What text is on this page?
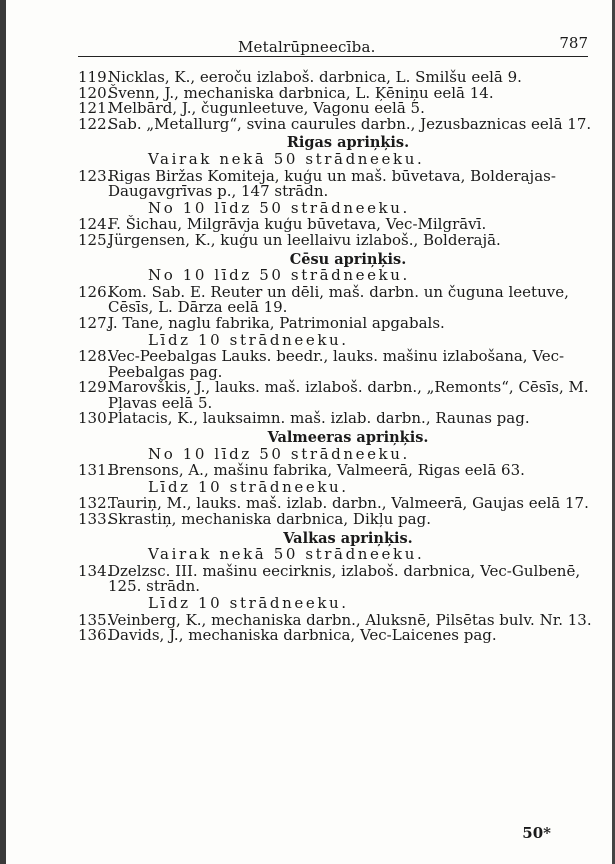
Metalrūpneecība.	787
119.
Nicklas, K., eeroču izlaboš. darbnica, L. Smilšu eelā 9.
120.
Švenn, J., mechaniska darbnica, L. Ķēniņu eelā 14.
121.
Melbārd, J., čugunleetuve, Vagonu eelā 5.
122.
Sab. „Metallurg“, svina caurules darbn., Jezusbaznicas eelā 17.
Rigas apriņķis.
Vairak nekā 50 strādneeku.
123.
Rigas Biržas Komiteja, kuģu un maš. būvetava, Bolderajas-Daugavgrīvas p., 147 strādn.
No 10 līdz 50 strādneeku.
124.
F. Šichau, Milgrāvja kuģu būvetava, Vec-Milgrāvī.
125.
Jürgensen, K., kuģu un leellaivu izlaboš., Bolderajā.
Cēsu apriņķis.
No 10 līdz 50 strādneeku.
126.
Kom. Sab. E. Reuter un dēli, maš. darbn. un čuguna leetuve, Cēsīs, L. Dārza eelā 19.
127.
J. Tane, naglu fabrika, Patrimonial apgabals.
Līdz 10 strādneeku.
128.
Vec-Peebalgas Lauks. beedr., lauks. mašinu izlabošana, Vec-Peebalgas pag.
129.
Marovškis, J., lauks. maš. izlaboš. darbn., „Remonts“, Cēsīs, M. Pļavas eelā 5.
130.
Platacis, K., lauksaimn. maš. izlab. darbn., Raunas pag.
Valmeeras apriņķis.
No 10 līdz 50 strādneeku.
131.
Brensons, A., mašinu fabrika, Valmeerā, Rigas eelā 63.
Līdz 10 strādneeku.
132.
Tauriņ, M., lauks. maš. izlab. darbn., Valmeerā, Gaujas eelā 17.
133.
Skrastiņ, mechaniska darbnica, Dikļu pag.
Valkas apriņķis.
Vairak nekā 50 strādneeku.
134.
Dzelzsc. III. mašinu eecirknis, izlaboš. darbnica, Vec-Gulbenē, 125. strādn.
Līdz 10 strādneeku.
135.
Veinberg, K., mechaniska darbn., Aluksnē, Pilsētas bulv. Nr. 13.
136.
Davids, J., mechaniska darbnica, Vec-Laicenes pag.
50*
